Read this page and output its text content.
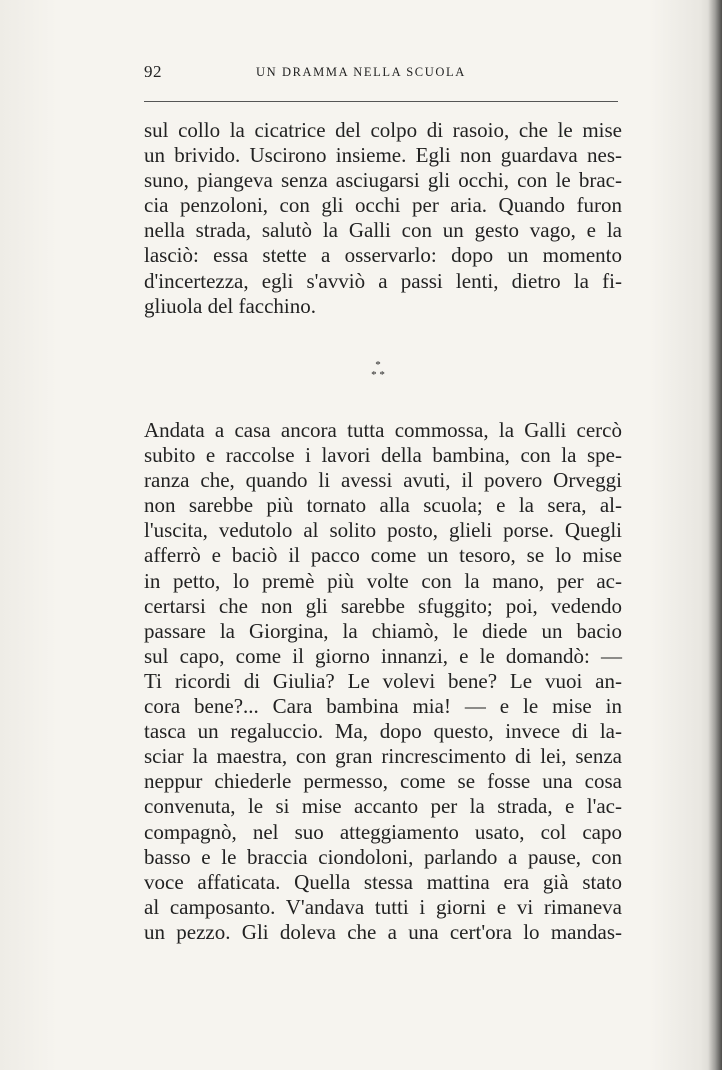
92	UN DRAMMA NELLA SCUOLA

sul collo la cicatrice del colpo di rasoio, che le mise
un brivido. Uscirono insieme. Egli non guardava nes-
suno, piangeva senza asciugarsi gli occhi, con le brac-
cia penzoloni, con gli occhi per aria. Quando furon
nella strada, salutò la Galli con un gesto vago, e la
lasciò: essa stette a osservarlo: dopo un momento
d'incertezza, egli s'avviò a passi lenti, dietro la fi-
gliuola del facchino.

*
* *

Andata a casa ancora tutta commossa, la Galli cercò
subito e raccolse i lavori della bambina, con la spe-
ranza che, quando li avessi avuti, il povero Orveggi
non sarebbe più tornato alla scuola; e la sera, al-
l'uscita, vedutolo al solito posto, glieli porse. Quegli
afferrò e baciò il pacco come un tesoro, se lo mise
in petto, lo premè più volte con la mano, per ac-
certarsi che non gli sarebbe sfuggito; poi, vedendo
passare la Giorgina, la chiamò, le diede un bacio
sul capo, come il giorno innanzi, e le domandò: —
Ti ricordi di Giulia? Le volevi bene? Le vuoi an-
cora bene?... Cara bambina mia! — e le mise in
tasca un regaluccio. Ma, dopo questo, invece di la-
sciar la maestra, con gran rincrescimento di lei, senza
neppur chiederle permesso, come se fosse una cosa
convenuta, le si mise accanto per la strada, e l'ac-
compagnò, nel suo atteggiamento usato, col capo
basso e le braccia ciondoloni, parlando a pause, con
voce affaticata. Quella stessa mattina era già stato
al camposanto. V'andava tutti i giorni e vi rimaneva
un pezzo. Gli doleva che a una cert'ora lo mandas-
